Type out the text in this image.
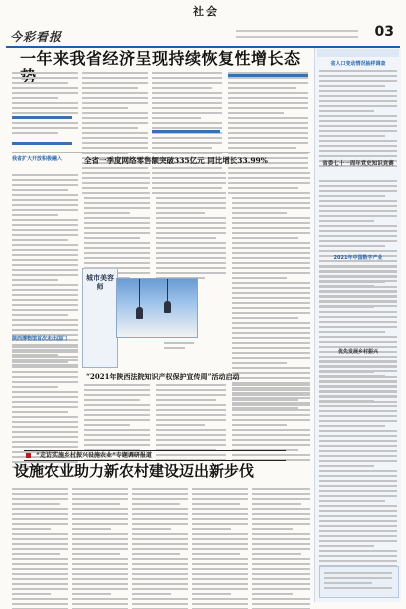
社会
今彩看报	03
一年来我省经济呈现持续恢复性增长态
我省扩大开放积极融入
陕西博物馆首次走出国门
全省一季度网络零售额突破335亿元 同比增长33.99%
城市美容师
“2021年陕西法院知识产权保护宣传周”活动启动
“走访实施乡村振兴设施农业”专题调研报道
设施农业助力新农村建设迈出新步伐
省人口变动情况抽样调查
省委七十一周年党史知识竞赛
2021年中国数字产业
优先发展乡村振兴
